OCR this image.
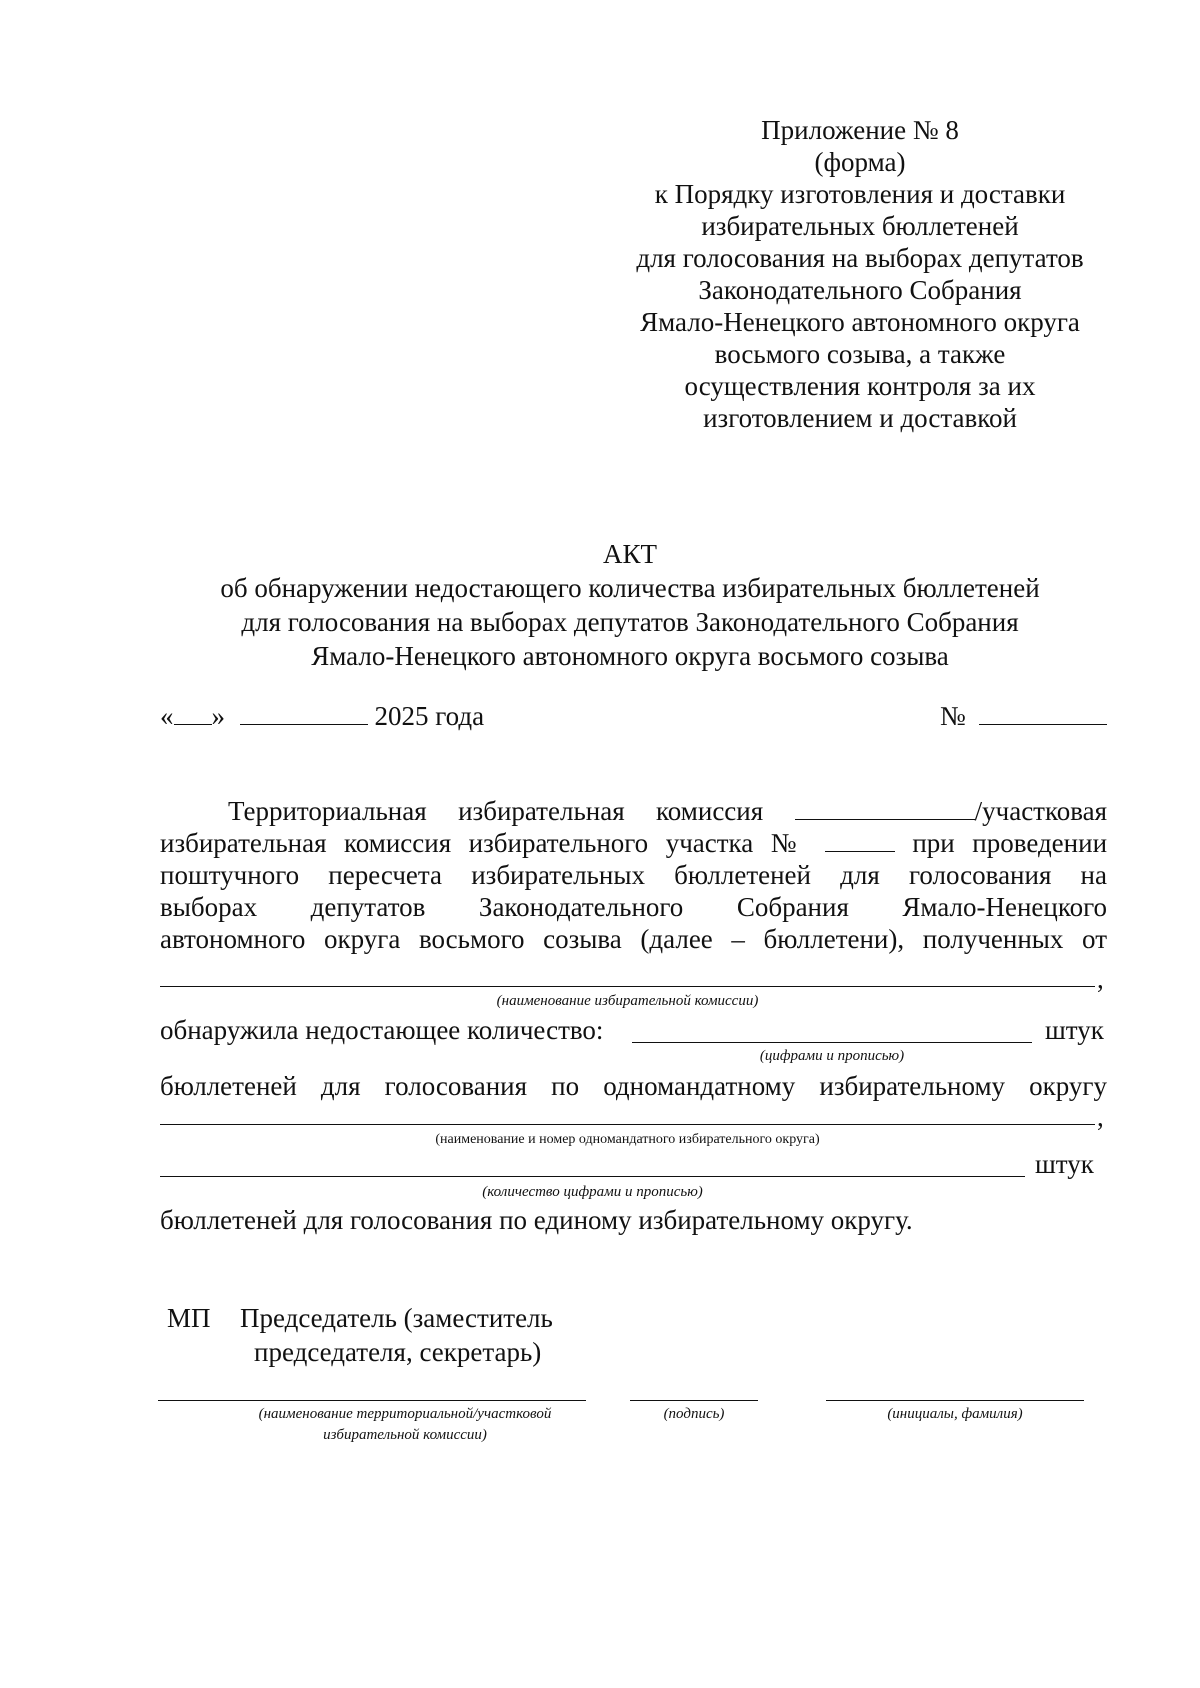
Приложение № 8
(форма)
к Порядку изготовления и доставки
избирательных бюллетеней
для голосования на выборах депутатов
Законодательного Собрания
Ямало-Ненецкого автономного округа
восьмого созыва, а также
осуществления контроля за их
изготовлением и доставкой
АКТ
об обнаружении недостающего количества избирательных бюллетеней
для голосования на выборах депутатов Законодательного Собрания
Ямало-Ненецкого автономного округа восьмого созыва
« »	2025 года	№
Территориальная избирательная комиссия	/участковая
избирательная комиссия избирательного участка №	при проведении
поштучного пересчета избирательных бюллетеней для голосования на
выборах депутатов Законодательного Собрания Ямало-Ненецкого
автономного округа восьмого созыва (далее – бюллетени), полученных от
,
(наименование избирательной комиссии)
обнаружила недостающее количество:	штук
(цифрами и прописью)
бюллетеней для голосования по одномандатному избирательному округу
,
(наименование и номер одномандатного избирательного округа)
штук
(количество цифрами и прописью)
бюллетеней для голосования по единому избирательному округу.
МП Председатель (заместитель
председателя, секретарь)
(наименование территориальной/участковой избирательной комиссии)
(подпись)	(инициалы, фамилия)
